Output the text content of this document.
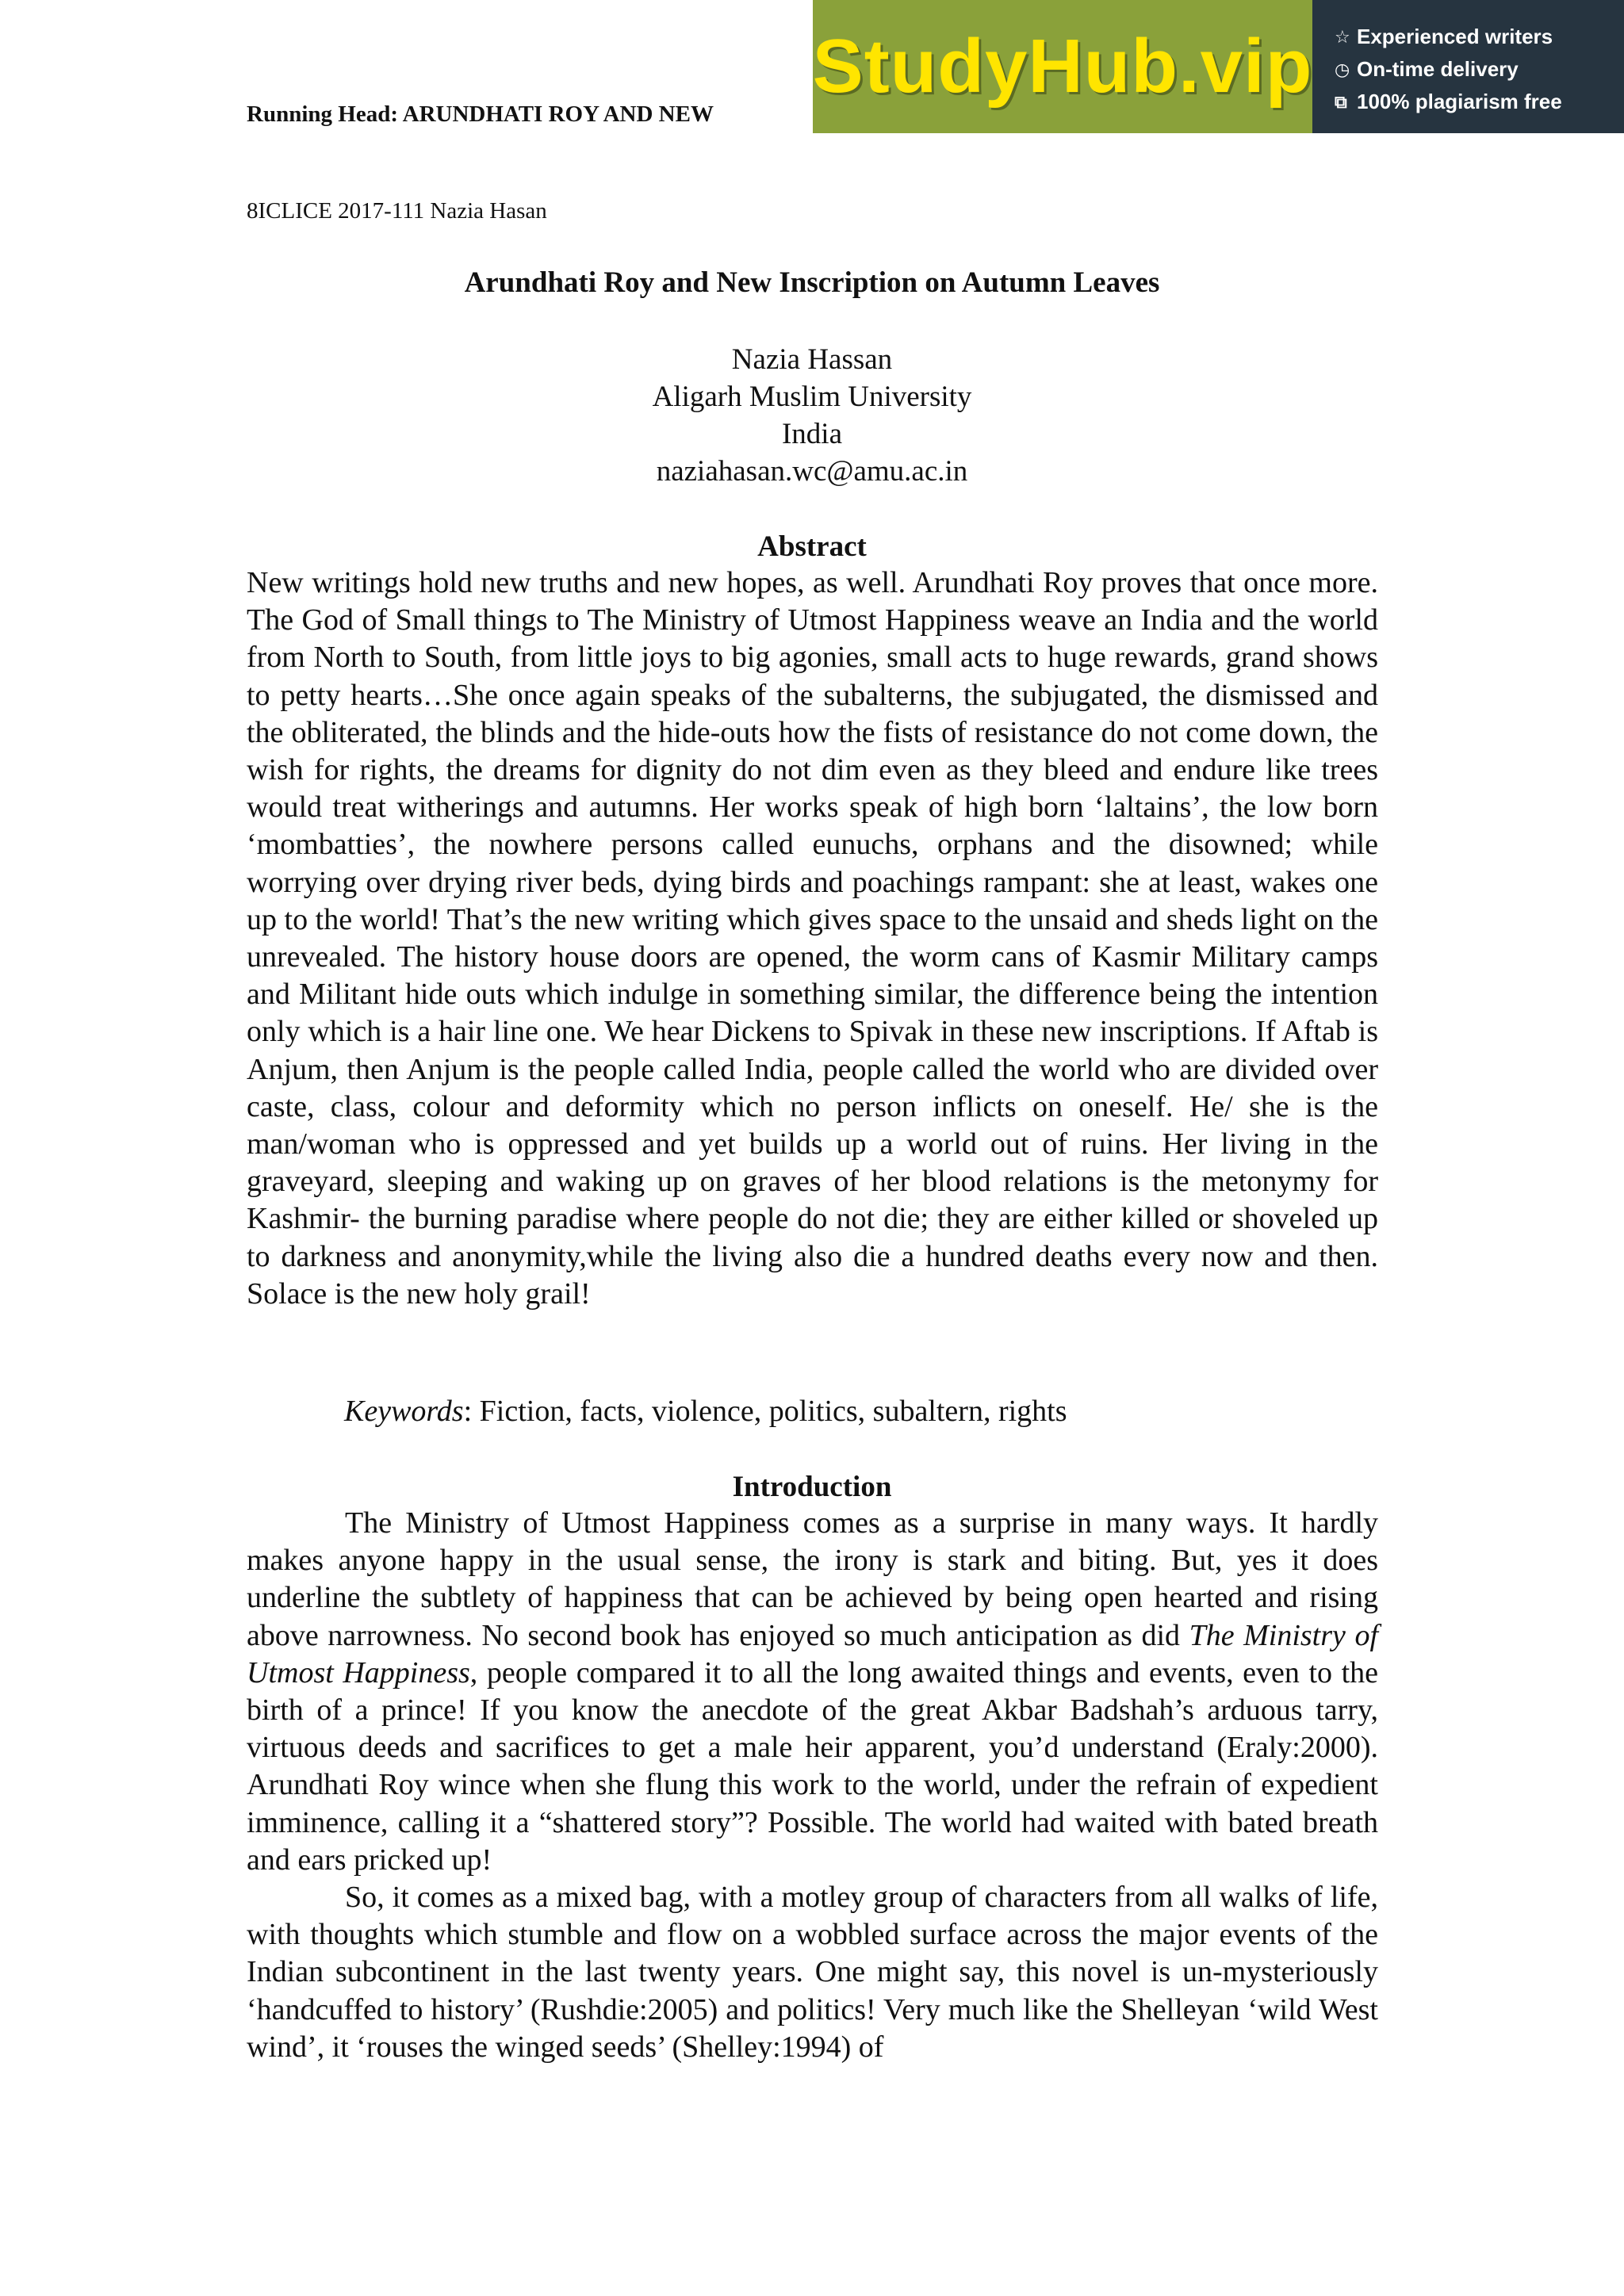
Running Head: ARUNDHATI ROY AND NEW
StudyHub.vip ☆ Experienced writers
◷ On-time delivery
⧉ 100% plagiarism free
8ICLICE 2017-111 Nazia Hasan
Arundhati Roy and New Inscription on Autumn Leaves
Nazia Hassan
Aligarh Muslim University
India
naziahasan.wc@amu.ac.in
Abstract

New writings hold new truths and new hopes, as well. Arundhati Roy proves that once more. The God of Small things to The Ministry of Utmost Happiness weave an India and the world from North to South, from little joys to big agonies, small acts to huge rewards, grand shows to petty hearts…She once again speaks of the subalterns, the subjugated, the dismissed and the obliterated, the blinds and the hide-outs how the fists of resistance do not come down, the wish for rights, the dreams for dignity do not dim even as they bleed and endure like trees would treat witherings and autumns. Her works speak of high born ‘laltains’, the low born ‘mombatties’, the nowhere persons called eunuchs, orphans and the disowned; while worrying over drying river beds, dying birds and poachings rampant: she at least, wakes one up to the world! That’s the new writing which gives space to the unsaid and sheds light on the unrevealed. The history house doors are opened, the worm cans of Kasmir Military camps and Militant hide outs which indulge in something similar, the difference being the intention only which is a hair line one. We hear Dickens to Spivak in these new inscriptions. If Aftab is Anjum, then Anjum is the people called India, people called the world who are divided over caste, class, colour and deformity which no person inflicts on oneself. He/ she is the man/woman who is oppressed and yet builds up a world out of ruins. Her living in the graveyard, sleeping and waking up on graves of her blood relations is the metonymy for Kashmir- the burning paradise where people do not die; they are either killed or shoveled up to darkness and anonymity,while the living also die a hundred deaths every now and then. Solace is the new holy grail!

Keywords: Fiction, facts, violence, politics, subaltern, rights
Introduction

The Ministry of Utmost Happiness comes as a surprise in many ways. It hardly makes anyone happy in the usual sense, the irony is stark and biting. But, yes it does underline the subtlety of happiness that can be achieved by being open hearted and rising above narrowness. No second book has enjoyed so much anticipation as did The Ministry of Utmost Happiness, people compared it to all the long awaited things and events, even to the birth of a prince! If you know the anecdote of the great Akbar Badshah’s arduous tarry, virtuous deeds and sacrifices to get a male heir apparent, you’d understand (Eraly:2000). Arundhati Roy wince when she flung this work to the world, under the refrain of expedient imminence, calling it a “shattered story”? Possible. The world had waited with bated breath and ears pricked up!

So, it comes as a mixed bag, with a motley group of characters from all walks of life, with thoughts which stumble and flow on a wobbled surface across the major events of the Indian subcontinent in the last twenty years. One might say, this novel is un-mysteriously ‘handcuffed to history’ (Rushdie:2005) and politics! Very much like the Shelleyan ‘wild West wind’, it ‘rouses the winged seeds’ (Shelley:1994) of
